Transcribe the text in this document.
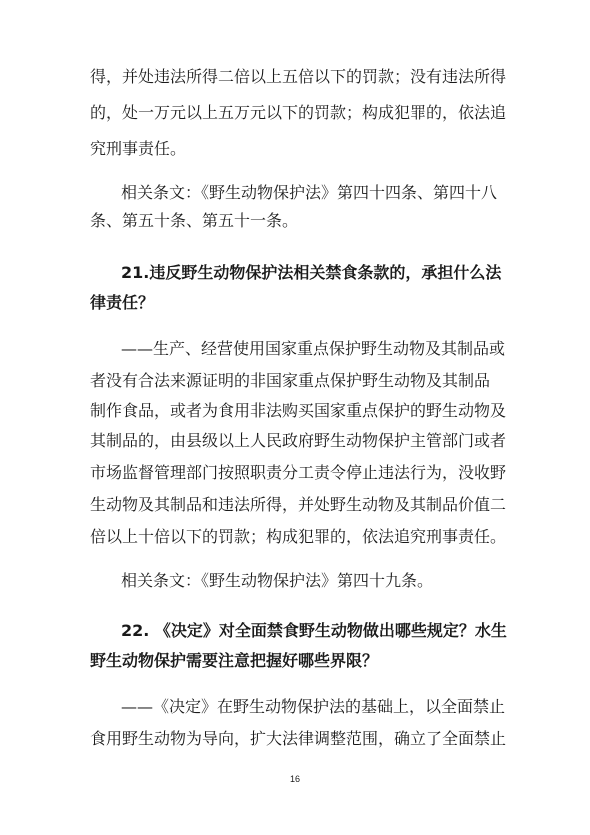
得，并处违法所得二倍以上五倍以下的罚款；没有违法所得
的，处一万元以上五万元以下的罚款；构成犯罪的，依法追
究刑事责任。
相关条文：《野生动物保护法》第四十四条、第四十八
条、第五十条、第五十一条。
21.违反野生动物保护法相关禁食条款的，承担什么法
律责任？
——生产、经营使用国家重点保护野生动物及其制品或
者没有合法来源证明的非国家重点保护野生动物及其制品
制作食品，或者为食用非法购买国家重点保护的野生动物及
其制品的，由县级以上人民政府野生动物保护主管部门或者
市场监督管理部门按照职责分工责令停止违法行为，没收野
生动物及其制品和违法所得，并处野生动物及其制品价值二
倍以上十倍以下的罚款；构成犯罪的，依法追究刑事责任。
相关条文：《野生动物保护法》第四十九条。
22. 《决定》对全面禁食野生动物做出哪些规定？水生
野生动物保护需要注意把握好哪些界限？
——《决定》在野生动物保护法的基础上，以全面禁止
食用野生动物为导向，扩大法律调整范围，确立了全面禁止
16
